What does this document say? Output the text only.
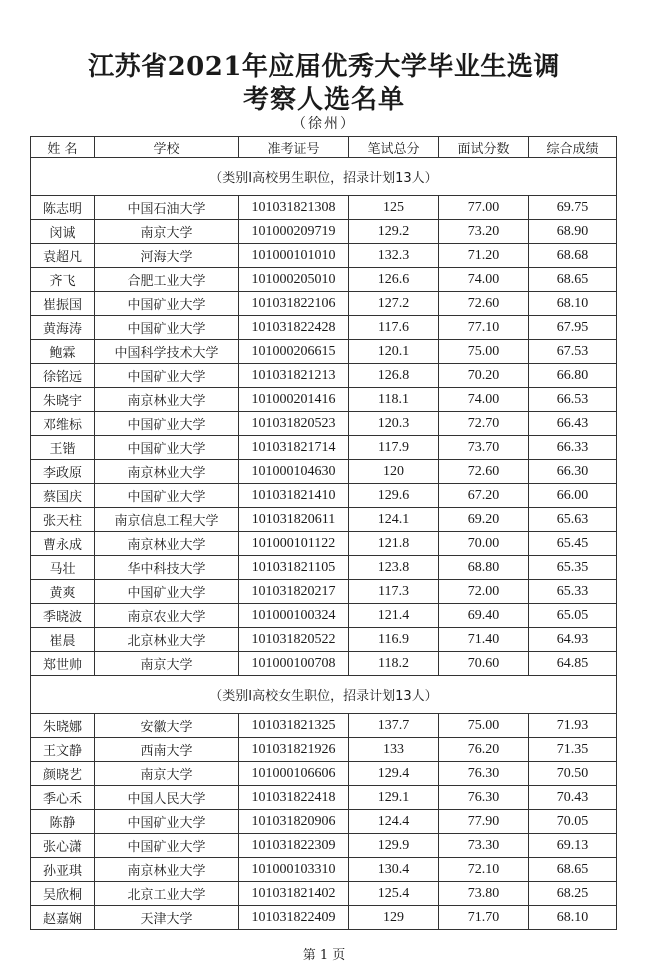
江苏省2021年应届优秀大学毕业生选调
考察人选名单
（徐州）
姓 名	学校	准考证号	笔试总分	面试分数	综合成绩
（类别Ⅰ高校男生职位，招录计划13人）					
陈志明	中国石油大学	101031821308	125	77.00	69.75
闵诚	南京大学	101000209719	129.2	73.20	68.90
袁超凡	河海大学	101000101010	132.3	71.20	68.68
齐飞	合肥工业大学	101000205010	126.6	74.00	68.65
崔振国	中国矿业大学	101031822106	127.2	72.60	68.10
黄海涛	中国矿业大学	101031822428	117.6	77.10	67.95
鲍霖	中国科学技术大学	101000206615	120.1	75.00	67.53
徐铭远	中国矿业大学	101031821213	126.8	70.20	66.80
朱晓宇	南京林业大学	101000201416	118.1	74.00	66.53
邓维标	中国矿业大学	101031820523	120.3	72.70	66.43
王锴	中国矿业大学	101031821714	117.9	73.70	66.33
李政原	南京林业大学	101000104630	120	72.60	66.30
蔡国庆	中国矿业大学	101031821410	129.6	67.20	66.00
张天柱	南京信息工程大学	101031820611	124.1	69.20	65.63
曹永成	南京林业大学	101000101122	121.8	70.00	65.45
马壮	华中科技大学	101031821105	123.8	68.80	65.35
黄爽	中国矿业大学	101031820217	117.3	72.00	65.33
季晓波	南京农业大学	101000100324	121.4	69.40	65.05
崔晨	北京林业大学	101031820522	116.9	71.40	64.93
郑世帅	南京大学	101000100708	118.2	70.60	64.85
（类别Ⅰ高校女生职位，招录计划13人）					
朱晓娜	安徽大学	101031821325	137.7	75.00	71.93
王文静	西南大学	101031821926	133	76.20	71.35
颜晓艺	南京大学	101000106606	129.4	76.30	70.50
季心禾	中国人民大学	101031822418	129.1	76.30	70.43
陈静	中国矿业大学	101031820906	124.4	77.90	70.05
张心潇	中国矿业大学	101031822309	129.9	73.30	69.13
孙亚琪	南京林业大学	101000103310	130.4	72.10	68.65
吴欣桐	北京工业大学	101031821402	125.4	73.80	68.25
赵嘉娴	天津大学	101031822409	129	71.70	68.10
第 1 页
